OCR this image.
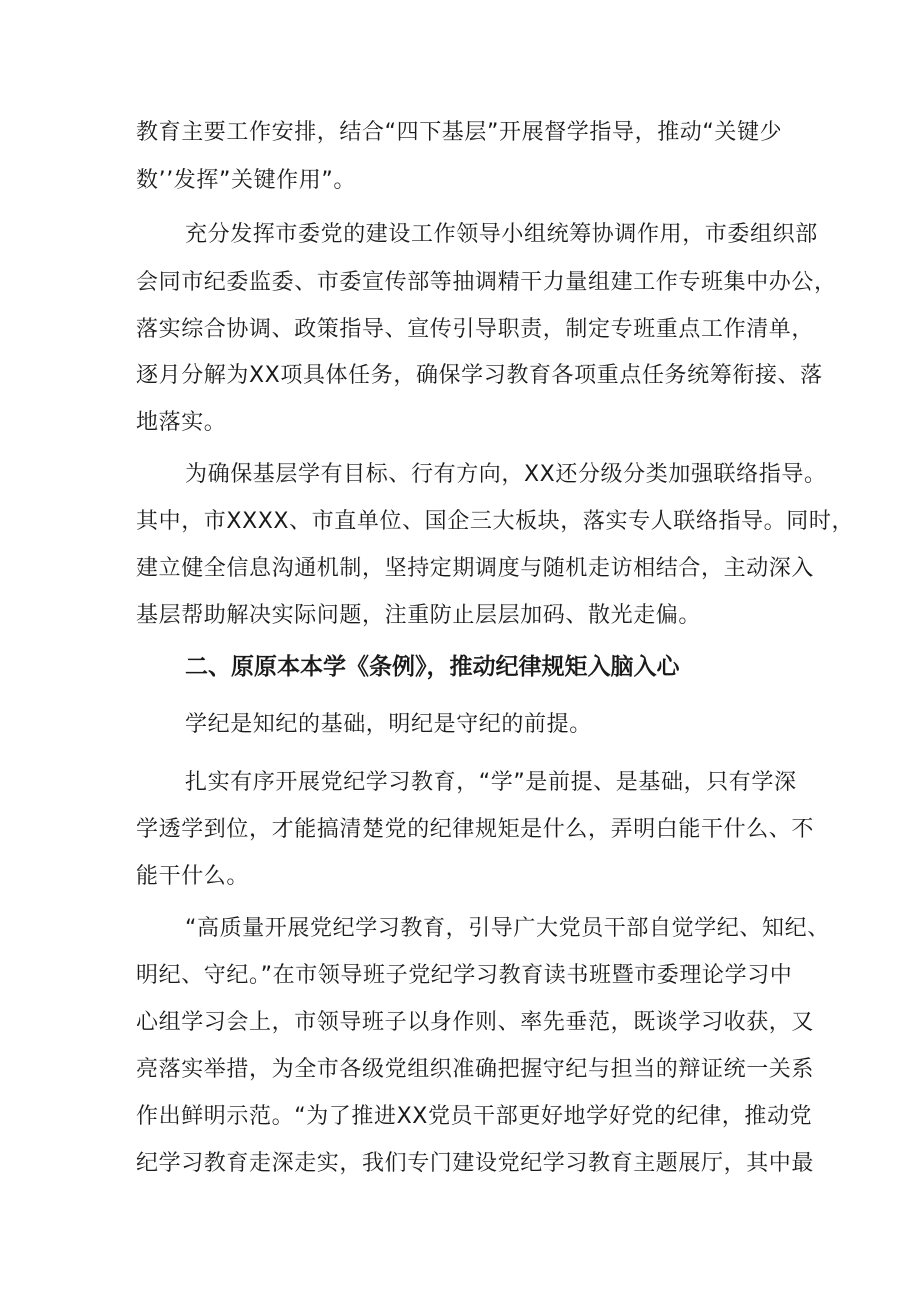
教育主要工作安排，结合“四下基层”开展督学指导，推动“关键少
数’’发挥”关键作用”。
充分发挥市委党的建设工作领导小组统筹协调作用，市委组织部
会同市纪委监委、市委宣传部等抽调精干力量组建工作专班集中办公，
落实综合协调、政策指导、宣传引导职责，制定专班重点工作清单，
逐月分解为XX项具体任务，确保学习教育各项重点任务统筹衔接、落
地落实。
为确保基层学有目标、行有方向，XX还分级分类加强联络指导。
其中，市XXXX、市直单位、国企三大板块，落实专人联络指导。同时，
建立健全信息沟通机制，坚持定期调度与随机走访相结合，主动深入
基层帮助解决实际问题，注重防止层层加码、散光走偏。
二、原原本本学《条例》，推动纪律规矩入脑入心
学纪是知纪的基础，明纪是守纪的前提。
扎实有序开展党纪学习教育，“学”是前提、是基础，只有学深
学透学到位，才能搞清楚党的纪律规矩是什么，弄明白能干什么、不
能干什么。
“高质量开展党纪学习教育，引导广大党员干部自觉学纪、知纪、
明纪、守纪。”在市领导班子党纪学习教育读书班暨市委理论学习中
心组学习会上，市领导班子以身作则、率先垂范，既谈学习收获，又
亮落实举措，为全市各级党组织准确把握守纪与担当的辩证统一关系
作出鲜明示范。“为了推进XX党员干部更好地学好党的纪律，推动党
纪学习教育走深走实，我们专门建设党纪学习教育主题展厅，其中最
